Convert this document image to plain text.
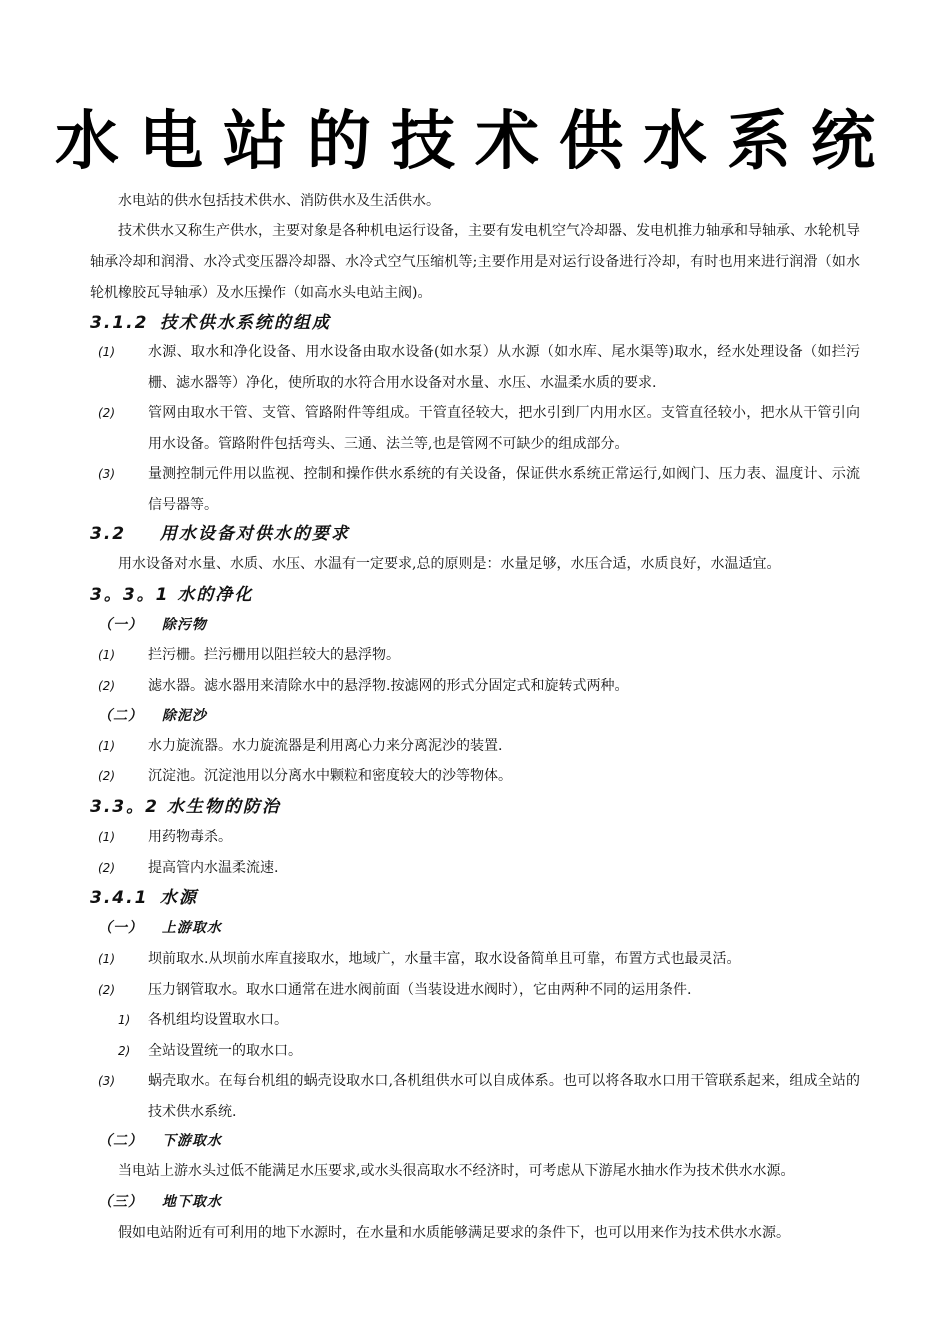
水电站的技术供水系统
水电站的供水包括技术供水、消防供水及生活供水。
技术供水又称生产供水，主要对象是各种机电运行设备，主要有发电机空气冷却器、发电机推力轴承和导轴承、水轮机导轴承冷却和润滑、水冷式变压器冷却器、水冷式空气压缩机等;主要作用是对运行设备进行冷却，有时也用来进行润滑（如水轮机橡胶瓦导轴承）及水压操作（如高水头电站主阀)。
3.1.2 技术供水系统的组成
(1) 水源、取水和净化设备、用水设备由取水设备(如水泵）从水源（如水库、尾水渠等)取水，经水处理设备（如拦污栅、滤水器等）净化，使所取的水符合用水设备对水量、水压、水温柔水质的要求.
(2) 管网由取水干管、支管、管路附件等组成。干管直径较大，把水引到厂内用水区。支管直径较小，把水从干管引向用水设备。管路附件包括弯头、三通、法兰等,也是管网不可缺少的组成部分。
(3) 量测控制元件用以监视、控制和操作供水系统的有关设备，保证供水系统正常运行,如阀门、压力表、温度计、示流信号器等。
3.2 用水设备对供水的要求
用水设备对水量、水质、水压、水温有一定要求,总的原则是：水量足够，水压合适，水质良好，水温适宜。
3。3。1 水的净化
（一） 除污物
(1) 拦污栅。拦污栅用以阻拦较大的悬浮物。
(2) 滤水器。滤水器用来清除水中的悬浮物.按滤网的形式分固定式和旋转式两种。
（二） 除泥沙
(1) 水力旋流器。水力旋流器是利用离心力来分离泥沙的装置.
(2) 沉淀池。沉淀池用以分离水中颗粒和密度较大的沙等物体。
3.3。2 水生物的防治
(1) 用药物毒杀。
(2) 提高管内水温柔流速.
3.4.1 水源
（一） 上游取水
(1) 坝前取水.从坝前水库直接取水，地域广，水量丰富，取水设备简单且可靠，布置方式也最灵活。
(2) 压力钢管取水。取水口通常在进水阀前面（当装设进水阀时），它由两种不同的运用条件.
1) 各机组均设置取水口。
2) 全站设置统一的取水口。
(3) 蜗壳取水。在每台机组的蜗壳设取水口,各机组供水可以自成体系。也可以将各取水口用干管联系起来，组成全站的技术供水系统.
（二） 下游取水
当电站上游水头过低不能满足水压要求,或水头很高取水不经济时，可考虑从下游尾水抽水作为技术供水水源。
（三） 地下取水
假如电站附近有可利用的地下水源时，在水量和水质能够满足要求的条件下，也可以用来作为技术供水水源。
